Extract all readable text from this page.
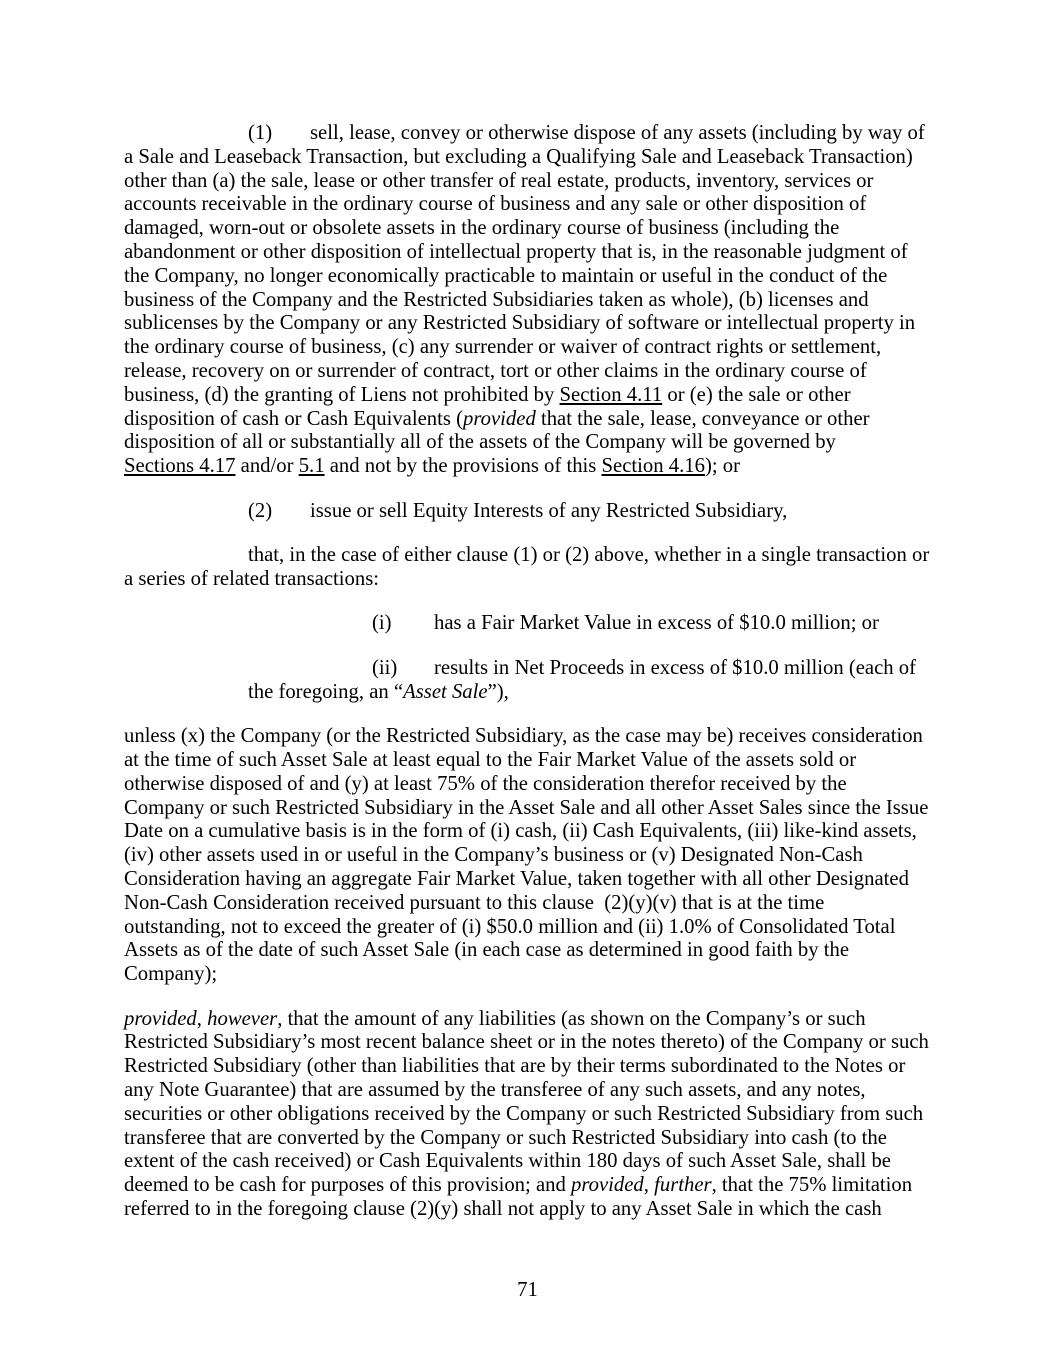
(1) sell, lease, convey or otherwise dispose of any assets (including by way of
a Sale and Leaseback Transaction, but excluding a Qualifying Sale and Leaseback Transaction)
other than (a) the sale, lease or other transfer of real estate, products, inventory, services or
accounts receivable in the ordinary course of business and any sale or other disposition of
damaged, worn-out or obsolete assets in the ordinary course of business (including the
abandonment or other disposition of intellectual property that is, in the reasonable judgment of
the Company, no longer economically practicable to maintain or useful in the conduct of the
business of the Company and the Restricted Subsidiaries taken as whole), (b) licenses and
sublicenses by the Company or any Restricted Subsidiary of software or intellectual property in
the ordinary course of business, (c) any surrender or waiver of contract rights or settlement,
release, recovery on or surrender of contract, tort or other claims in the ordinary course of
business, (d) the granting of Liens not prohibited by Section 4.11 or (e) the sale or other
disposition of cash or Cash Equivalents (provided that the sale, lease, conveyance or other
disposition of all or substantially all of the assets of the Company will be governed by
Sections 4.17 and/or 5.1 and not by the provisions of this Section 4.16); or
(2) issue or sell Equity Interests of any Restricted Subsidiary,
that, in the case of either clause (1) or (2) above, whether in a single transaction or
a series of related transactions:
(i) has a Fair Market Value in excess of $10.0 million; or
(ii) results in Net Proceeds in excess of $10.0 million (each of
the foregoing, an “Asset Sale”),
unless (x) the Company (or the Restricted Subsidiary, as the case may be) receives consideration
at the time of such Asset Sale at least equal to the Fair Market Value of the assets sold or
otherwise disposed of and (y) at least 75% of the consideration therefor received by the
Company or such Restricted Subsidiary in the Asset Sale and all other Asset Sales since the Issue
Date on a cumulative basis is in the form of (i) cash, (ii) Cash Equivalents, (iii) like-kind assets,
(iv) other assets used in or useful in the Company’s business or (v) Designated Non-Cash
Consideration having an aggregate Fair Market Value, taken together with all other Designated
Non-Cash Consideration received pursuant to this clause  (2)(y)(v) that is at the time
outstanding, not to exceed the greater of (i) $50.0 million and (ii) 1.0% of Consolidated Total
Assets as of the date of such Asset Sale (in each case as determined in good faith by the
Company);
provided, however, that the amount of any liabilities (as shown on the Company’s or such
Restricted Subsidiary’s most recent balance sheet or in the notes thereto) of the Company or such
Restricted Subsidiary (other than liabilities that are by their terms subordinated to the Notes or
any Note Guarantee) that are assumed by the transferee of any such assets, and any notes,
securities or other obligations received by the Company or such Restricted Subsidiary from such
transferee that are converted by the Company or such Restricted Subsidiary into cash (to the
extent of the cash received) or Cash Equivalents within 180 days of such Asset Sale, shall be
deemed to be cash for purposes of this provision; and provided, further, that the 75% limitation
referred to in the foregoing clause (2)(y) shall not apply to any Asset Sale in which the cash
71
